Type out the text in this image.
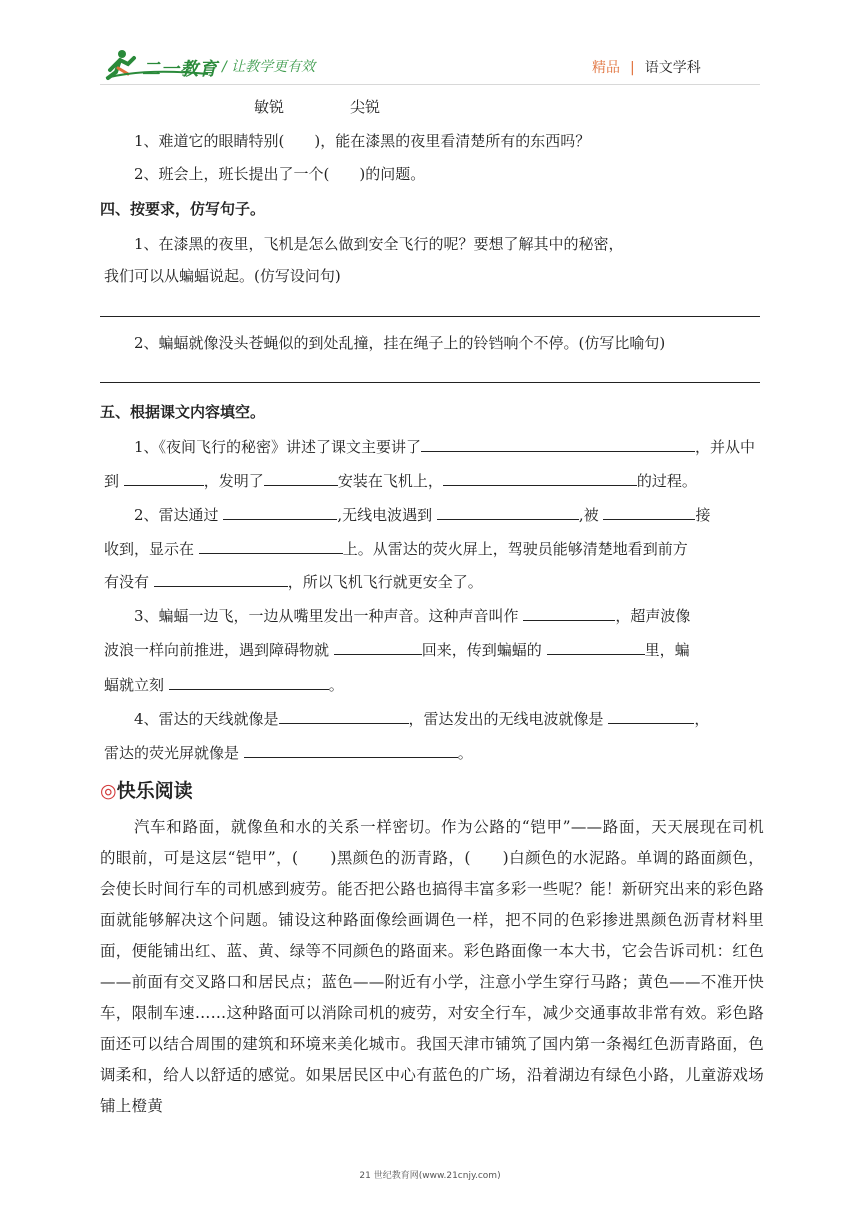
二一教育 / 让教学更有效	精品 | 语文学科
敏锐	尖锐
1、难道它的眼睛特别(　　)，能在漆黑的夜里看清楚所有的东西吗？
2、班会上，班长提出了一个(　　)的问题。
四、按要求，仿写句子。
1、在漆黑的夜里，飞机是怎么做到安全飞行的呢？要想了解其中的秘密，
我们可以从蝙蝠说起。(仿写设问句)
2、蝙蝠就像没头苍蝇似的到处乱撞，挂在绳子上的铃铛响个不停。(仿写比喻句)
五、根据课文内容填空。
1、《夜间飞行的秘密》讲述了课文主要讲了	，并从中
到	，发明了	安装在飞机上，	的过程。
2、雷达通过	,无线电波遇到	,被	接
收到，显示在	上。从雷达的荧火屏上，驾驶员能够清楚地看到前方
有没有	，所以飞机飞行就更安全了。
3、蝙蝠一边飞，一边从嘴里发出一种声音。这种声音叫作	，超声波像
波浪一样向前推进，遇到障碍物就	回来，传到蝙蝠的	里，蝙
蝠就立刻	。
4、雷达的天线就像是	，雷达发出的无线电波就像是	，
雷达的荧光屏就像是	。
◎快乐阅读
汽车和路面，就像鱼和水的关系一样密切。作为公路的“铠甲”——路面，天天展现在司机的眼前，可是这层“铠甲”，(　　)黑颜色的沥青路，(　　)白颜色的水泥路。单调的路面颜色，会使长时间行车的司机感到疲劳。能否把公路也搞得丰富多彩一些呢？能！新研究出来的彩色路面就能够解决这个问题。铺设这种路面像绘画调色一样，把不同的色彩掺进黑颜色沥青材料里面，便能铺出红、蓝、黄、绿等不同颜色的路面来。彩色路面像一本大书，它会告诉司机：红色——前面有交叉路口和居民点；蓝色——附近有小学，注意小学生穿行马路；黄色——不准开快车，限制车速……这种路面可以消除司机的疲劳，对安全行车，减少交通事故非常有效。彩色路面还可以结合周围的建筑和环境来美化城市。我国天津市铺筑了国内第一条褐红色沥青路面，色调柔和，给人以舒适的感觉。如果居民区中心有蓝色的广场，沿着湖边有绿色小路，儿童游戏场铺上橙黄
21 世纪教育网(www.21cnjy.com)
